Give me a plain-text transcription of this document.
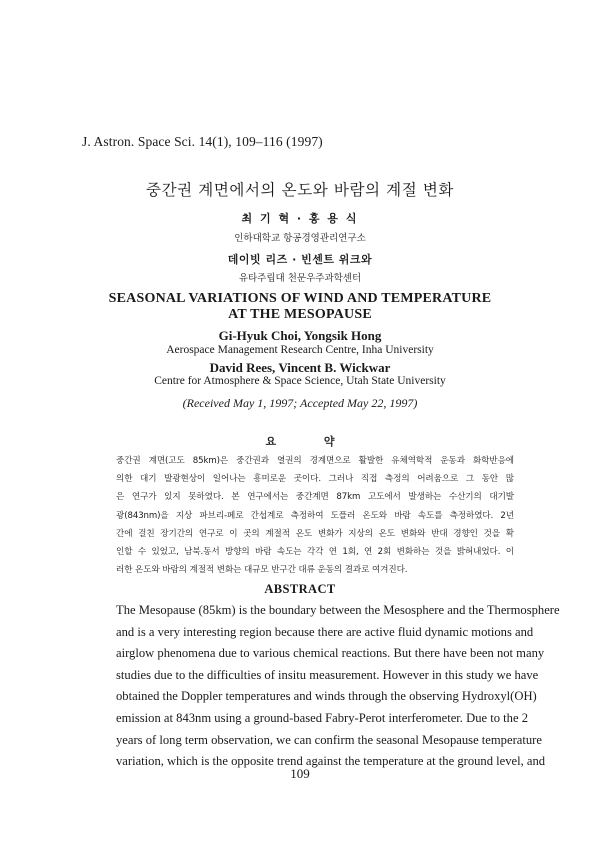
J. Astron. Space Sci. 14(1), 109–116 (1997)
중간권 계면에서의 온도와 바람의 계절 변화
최 기 혁 · 홍 용 식
인하대학교 항공경영관리연구소
데이빗 리즈 · 빈센트 위크와
유타주립대 천문우주과학센터
SEASONAL VARIATIONS OF WIND AND TEMPERATURE
AT THE MESOPAUSE
Gi-Hyuk Choi, Yongsik Hong
Aerospace Management Research Centre, Inha University
David Rees, Vincent B. Wickwar
Centre for Atmosphere & Space Science, Utah State University
(Received May 1, 1997; Accepted May 22, 1997)
요 약
중간권 계면(고도 85km)은 중간권과 열권의 경계면으로 활발한 유체역학적 운동과 화학반응에
의한 대기 발광현상이 일어나는 흥미로운 곳이다. 그러나 직접 측정의 어려움으로 그 동안 많
은 연구가 있지 못하였다. 본 연구에서는 중간계면 87km 고도에서 발생하는 수산기의 대기발
광(843nm)을 지상 파브리-페로 간섭계로 측정하여 도플러 온도와 바람 속도를 측정하였다. 2년
간에 걸친 장기간의 연구로 이 곳의 계절적 온도 변화가 지상의 온도 변화와 반대 경향인 것을 확
인할 수 있었고, 남북.동서 방향의 바람 속도는 각각 연 1회, 연 2회 변화하는 것을 밝혀내었다. 이
러한 온도와 바람의 계절적 변화는 대규모 반구간 대류 운동의 결과로 여겨진다.
ABSTRACT
The Mesopause (85km) is the boundary between the Mesosphere and the Thermosphere
and is a very interesting region because there are active fluid dynamic motions and
airglow phenomena due to various chemical reactions. But there have been not many
studies due to the difficulties of insitu measurement. However in this study we have
obtained the Doppler temperatures and winds through the observing Hydroxyl(OH)
emission at 843nm using a ground-based Fabry-Perot interferometer. Due to the 2
years of long term observation, we can confirm the seasonal Mesopause temperature
variation, which is the opposite trend against the temperature at the ground level, and
109
